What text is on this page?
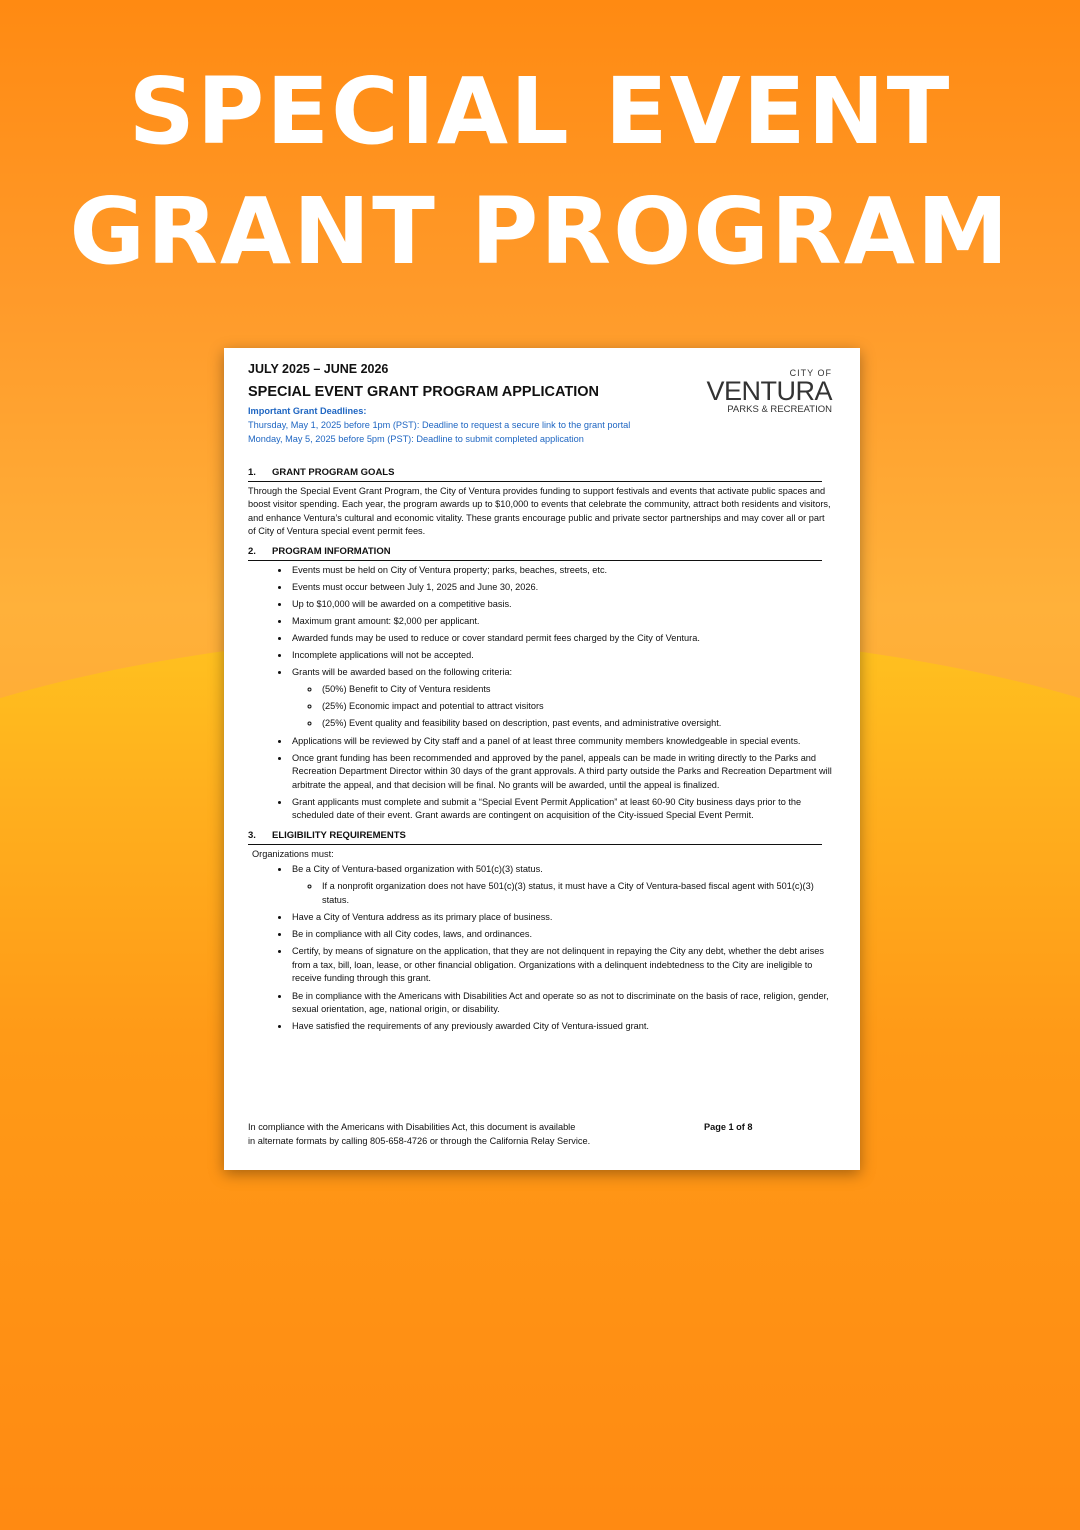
SPECIAL EVENT
GRANT PROGRAM
JULY 2025 – JUNE 2026
SPECIAL EVENT GRANT PROGRAM APPLICATION
Important Grant Deadlines:
Thursday, May 1, 2025 before 1pm (PST): Deadline to request a secure link to the grant portal
Monday, May 5, 2025 before 5pm (PST): Deadline to submit completed application
CITY OF
VENTURA
PARKS & RECREATION
1. GRANT PROGRAM GOALS
Through the Special Event Grant Program, the City of Ventura provides funding to support festivals and events that activate public spaces and boost visitor spending. Each year, the program awards up to $10,000 to events that celebrate the community, attract both residents and visitors, and enhance Ventura’s cultural and economic vitality. These grants encourage public and private sector partnerships and may cover all or part of City of Ventura special event permit fees.
2. PROGRAM INFORMATION
• Events must be held on City of Ventura property; parks, beaches, streets, etc.
• Events must occur between July 1, 2025 and June 30, 2026.
• Up to $10,000 will be awarded on a competitive basis.
• Maximum grant amount: $2,000 per applicant.
• Awarded funds may be used to reduce or cover standard permit fees charged by the City of Ventura.
• Incomplete applications will not be accepted.
• Grants will be awarded based on the following criteria:
◦ (50%) Benefit to City of Ventura residents
◦ (25%) Economic impact and potential to attract visitors
◦ (25%) Event quality and feasibility based on description, past events, and administrative oversight.
• Applications will be reviewed by City staff and a panel of at least three community members knowledgeable in special events.
• Once grant funding has been recommended and approved by the panel, appeals can be made in writing directly to the Parks and Recreation Department Director within 30 days of the grant approvals. A third party outside the Parks and Recreation Department will arbitrate the appeal, and that decision will be final. No grants will be awarded, until the appeal is finalized.
• Grant applicants must complete and submit a “Special Event Permit Application” at least 60-90 City business days prior to the scheduled date of their event. Grant awards are contingent on acquisition of the City-issued Special Event Permit.
3. ELIGIBILITY REQUIREMENTS
Organizations must:
• Be a City of Ventura-based organization with 501(c)(3) status.
◦ If a nonprofit organization does not have 501(c)(3) status, it must have a City of Ventura-based fiscal agent with 501(c)(3) status.
• Have a City of Ventura address as its primary place of business.
• Be in compliance with all City codes, laws, and ordinances.
• Certify, by means of signature on the application, that they are not delinquent in repaying the City any debt, whether the debt arises from a tax, bill, loan, lease, or other financial obligation. Organizations with a delinquent indebtedness to the City are ineligible to receive funding through this grant.
• Be in compliance with the Americans with Disabilities Act and operate so as not to discriminate on the basis of race, religion, gender, sexual orientation, age, national origin, or disability.
• Have satisfied the requirements of any previously awarded City of Ventura-issued grant.
In compliance with the Americans with Disabilities Act, this document is available
in alternate formats by calling 805-658-4726 or through the California Relay Service.
Page 1 of 8
